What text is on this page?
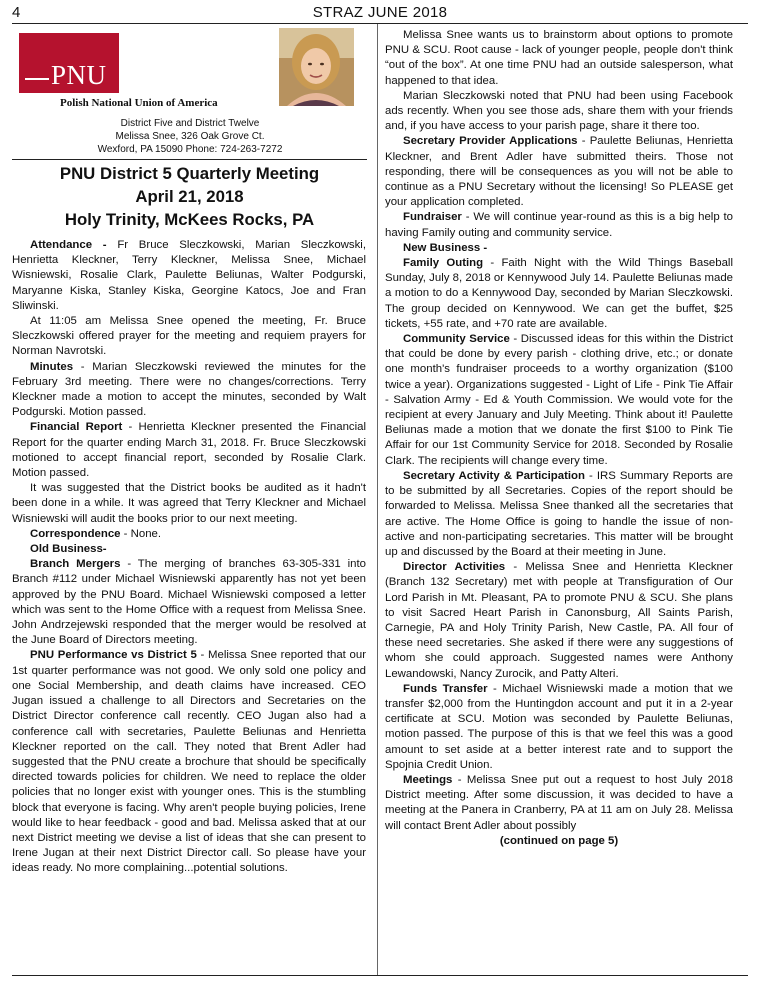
4	STRAZ JUNE 2018
PNU
Polish National Union of America
District Five and District Twelve
Melissa Snee, 326 Oak Grove Ct.
Wexford, PA 15090 Phone: 724-263-7272
PNU District 5 Quarterly Meeting
April 21, 2018
Holy Trinity, McKees Rocks, PA

Attendance - Fr Bruce Sleczkowski, Marian Sleczkowski, Henrietta Kleckner, Terry Kleckner, Melissa Snee, Michael Wisniewski, Rosalie Clark, Paulette Beliunas, Walter Podgurski, Maryanne Kiska, Stanley Kiska, Georgine Katocs, Joe and Fran Sliwinski.

At 11:05 am Melissa Snee opened the meeting, Fr. Bruce Sleczkowski offered prayer for the meeting and requiem prayers for Norman Navrotski.

Minutes - Marian Sleczkowski reviewed the minutes for the February 3rd meeting. There were no changes/corrections. Terry Kleckner made a motion to accept the minutes, seconded by Walt Podgurski. Motion passed.

Financial Report - Henrietta Kleckner presented the Financial Report for the quarter ending March 31, 2018. Fr. Bruce Sleczkowski motioned to accept financial report, seconded by Rosalie Clark. Motion passed.

It was suggested that the District books be audited as it hadn't been done in a while. It was agreed that Terry Kleckner and Michael Wisniewski will audit the books prior to our next meeting.

Correspondence - None.

Old Business-

Branch Mergers - The merging of branches 63-305-331 into Branch #112 under Michael Wisniewski apparently has not yet been approved by the PNU Board. Michael Wisniewski composed a letter which was sent to the Home Office with a request from Melissa Snee. John Andrzejewski responded that the merger would be resolved at the June Board of Directors meeting.

PNU Performance vs District 5 - Melissa Snee reported that our 1st quarter performance was not good. We only sold one policy and one Social Membership, and death claims have increased. CEO Jugan issued a challenge to all Directors and Secretaries on the District Director conference call recently. CEO Jugan also had a conference call with secretaries, Paulette Beliunas and Henrietta Kleckner reported on the call. They noted that Brent Adler had suggested that the PNU create a brochure that should be specifically directed towards policies for children. We need to replace the older policies that no longer exist with younger ones. This is the stumbling block that everyone is facing. Why aren't people buying policies, Irene would like to hear feedback - good and bad. Melissa asked that at our next District meeting we devise a list of ideas that she can present to Irene Jugan at their next District Director call. So please have your ideas ready. No more complaining...potential solutions.

Melissa Snee wants us to brainstorm about options to promote PNU & SCU. Root cause - lack of younger people, people don't think “out of the box”. At one time PNU had an outside salesperson, what happened to that idea.

Marian Sleczkowski noted that PNU had been using Facebook ads recently. When you see those ads, share them with your friends and, if you have access to your parish page, share it there too.

Secretary Provider Applications - Paulette Beliunas, Henrietta Kleckner, and Brent Adler have submitted theirs. Those not responding, there will be consequences as you will not be able to continue as a PNU Secretary without the licensing! So PLEASE get your application completed.

Fundraiser - We will continue year-round as this is a big help to having Family outing and community service.

New Business -

Family Outing - Faith Night with the Wild Things Baseball Sunday, July 8, 2018 or Kennywood July 14. Paulette Beliunas made a motion to do a Kennywood Day, seconded by Marian Sleczkowski. The group decided on Kennywood. We can get the buffet, $25 tickets, +55 rate, and +70 rate are available.

Community Service - Discussed ideas for this within the District that could be done by every parish - clothing drive, etc.; or donate one month's fundraiser proceeds to a worthy organization ($100 twice a year). Organizations suggested - Light of Life - Pink Tie Affair - Salvation Army - Ed & Youth Commission. We would vote for the recipient at every January and July Meeting. Think about it! Paulette Beliunas made a motion that we donate the first $100 to Pink Tie Affair for our 1st Community Service for 2018. Seconded by Rosalie Clark. The recipients will change every time.

Secretary Activity & Participation - IRS Summary Reports are to be submitted by all Secretaries. Copies of the report should be forwarded to Melissa. Melissa Snee thanked all the secretaries that are active. The Home Office is going to handle the issue of non-active and non-participating secretaries. This matter will be brought up and discussed by the Board at their meeting in June.

Director Activities - Melissa Snee and Henrietta Kleckner (Branch 132 Secretary) met with people at Transfiguration of Our Lord Parish in Mt. Pleasant, PA to promote PNU & SCU. She plans to visit Sacred Heart Parish in Canonsburg, All Saints Parish, Carnegie, PA and Holy Trinity Parish, New Castle, PA. All four of these need secretaries. She asked if there were any suggestions of whom she could approach. Suggested names were Anthony Lewandowski, Nancy Zurocik, and Patty Alteri.

Funds Transfer - Michael Wisniewski made a motion that we transfer $2,000 from the Huntingdon account and put it in a 2-year certificate at SCU. Motion was seconded by Paulette Beliunas, motion passed. The purpose of this is that we feel this was a good amount to set aside at a better interest rate and to support the Spojnia Credit Union.

Meetings - Melissa Snee put out a request to host July 2018 District meeting. After some discussion, it was decided to have a meeting at the Panera in Cranberry, PA at 11 am on July 28. Melissa will contact Brent Adler about possibly

(continued on page 5)
